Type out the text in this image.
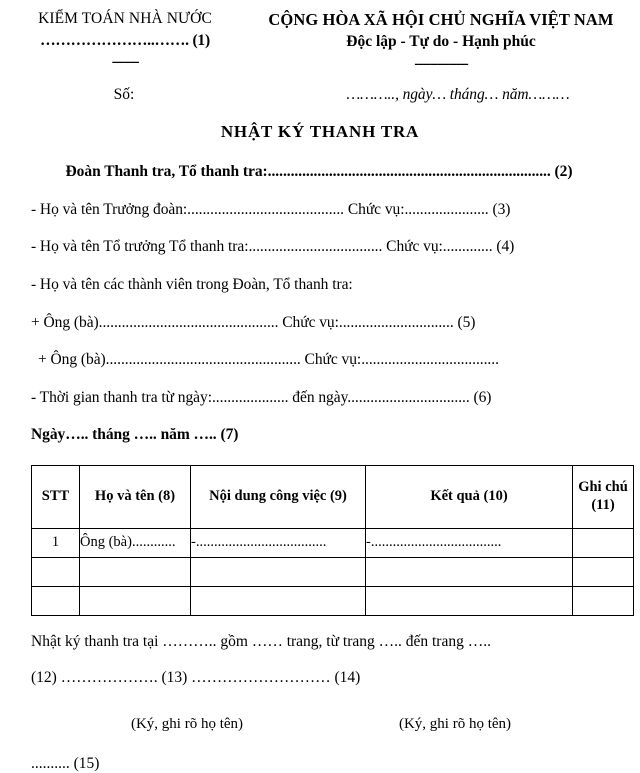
KIỂM TOÁN NHÀ NƯỚC
…………………..……. (1)
-------
CỘNG HÒA XÃ HỘI CHỦ NGHĨA VIỆT NAM
Độc lập - Tự do - Hạnh phúc
--------------
Số:	……….., ngày… tháng… năm………
NHẬT KÝ THANH TRA
Đoàn Thanh tra, Tổ thanh tra:.......................................................................... (2)
- Họ và tên Trưởng đoàn:......................................... Chức vụ:...................... (3)
- Họ và tên Tổ trưởng Tổ thanh tra:................................... Chức vụ:............. (4)
- Họ và tên các thành viên trong Đoàn, Tổ thanh tra:
+ Ông (bà)............................................... Chức vụ:.............................. (5)
+ Ông (bà)................................................... Chức vụ:....................................
- Thời gian thanh tra từ ngày:.................... đến ngày................................ (6)
Ngày….. tháng ….. năm ….. (7)
STT	Họ và tên (8)	Nội dung công việc (9)	Kết quả (10)	Ghi chú (11)
1	Ông (bà)............	-....................................	-....................................	

Nhật ký thanh tra tại ……….. gồm …… trang, từ trang ….. đến trang …..
(12) ………………. (13) ……………………… (14)
(Ký, ghi rõ họ tên)	(Ký, ghi rõ họ tên)
.......... (15)
